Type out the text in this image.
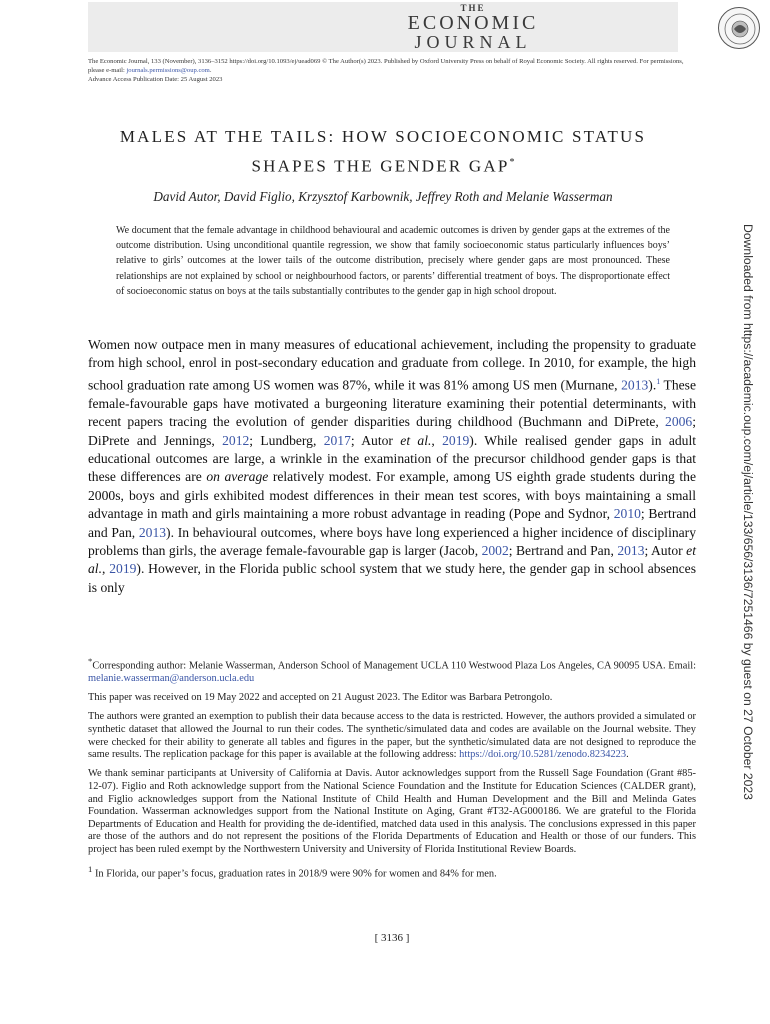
THE
ECONOMIC
JOURNAL
The Economic Journal, 133 (November), 3136–3152 https://doi.org/10.1093/ej/uead069 © The Author(s) 2023. Published by Oxford University Press on behalf of Royal Economic Society. All rights reserved. For permissions, please e-mail: journals.permissions@oup.com.
Advance Access Publication Date: 25 August 2023
MALES AT THE TAILS: HOW SOCIOECONOMIC STATUS
SHAPES THE GENDER GAP*
David Autor, David Figlio, Krzysztof Karbownik, Jeffrey Roth and Melanie Wasserman
We document that the female advantage in childhood behavioural and academic outcomes is driven by gender gaps at the extremes of the outcome distribution. Using unconditional quantile regression, we show that family socioeconomic status particularly influences boys’ relative to girls’ outcomes at the lower tails of the outcome distribution, precisely where gender gaps are most pronounced. These relationships are not explained by school or neighbourhood factors, or parents’ differential treatment of boys. The disproportionate effect of socioeconomic status on boys at the tails substantially contributes to the gender gap in high school dropout.
Women now outpace men in many measures of educational achievement, including the propensity to graduate from high school, enrol in post-secondary education and graduate from college. In 2010, for example, the high school graduation rate among US women was 87%, while it was 81% among US men (Murnane, 2013).$^1$ These female-favourable gaps have motivated a burgeoning literature examining their potential determinants, with recent papers tracing the evolution of gender disparities during childhood (Buchmann and DiPrete, 2006; DiPrete and Jennings, 2012; Lundberg, 2017; Autor et al., 2019). While realised gender gaps in adult educational outcomes are large, a wrinkle in the examination of the precursor childhood gender gaps is that these differences are on average relatively modest. For example, among US eighth grade students during the 2000s, boys and girls exhibited modest differences in their mean test scores, with boys maintaining a small advantage in math and girls maintaining a more robust advantage in reading (Pope and Sydnor, 2010; Bertrand and Pan, 2013). In behavioural outcomes, where boys have long experienced a higher incidence of disciplinary problems than girls, the average female-favourable gap is larger (Jacob, 2002; Bertrand and Pan, 2013; Autor et al., 2019). However, in the Florida public school system that we study here, the gender gap in school absences is only

*Corresponding author: Melanie Wasserman, Anderson School of Management UCLA 110 Westwood Plaza Los Angeles, CA 90095 USA. Email: melanie.wasserman@anderson.ucla.edu

This paper was received on 19 May 2022 and accepted on 21 August 2023. The Editor was Barbara Petrongolo.

The authors were granted an exemption to publish their data because access to the data is restricted. However, the authors provided a simulated or synthetic dataset that allowed the Journal to run their codes. The synthetic/simulated data and codes are available on the Journal website. They were checked for their ability to generate all tables and figures in the paper, but the synthetic/simulated data are not designed to reproduce the same results. The replication package for this paper is available at the following address: https://doi.org/10.5281/zenodo.8234223.

We thank seminar participants at University of California at Davis. Autor acknowledges support from the Russell Sage Foundation (Grant #85-12-07). Figlio and Roth acknowledge support from the National Science Foundation and the Institute for Education Sciences (CALDER grant), and Figlio acknowledges support from the National Institute of Child Health and Human Development and the Bill and Melinda Gates Foundation. Wasserman acknowledges support from the National Institute on Aging, Grant #T32-AG000186. We are grateful to the Florida Departments of Education and Health for providing the de-identified, matched data used in this analysis. The conclusions expressed in this paper are those of the authors and do not represent the positions of the Florida Departments of Education and Health or those of our funders. This project has been ruled exempt by the Northwestern University and University of Florida Institutional Review Boards.

$^1$ In Florida, our paper’s focus, graduation rates in 2018/9 were 90% for women and 84% for men.

[ 3136 ]
Downloaded from https://academic.oup.com/ej/article/133/656/3136/7251466 by guest on 27 October 2023
